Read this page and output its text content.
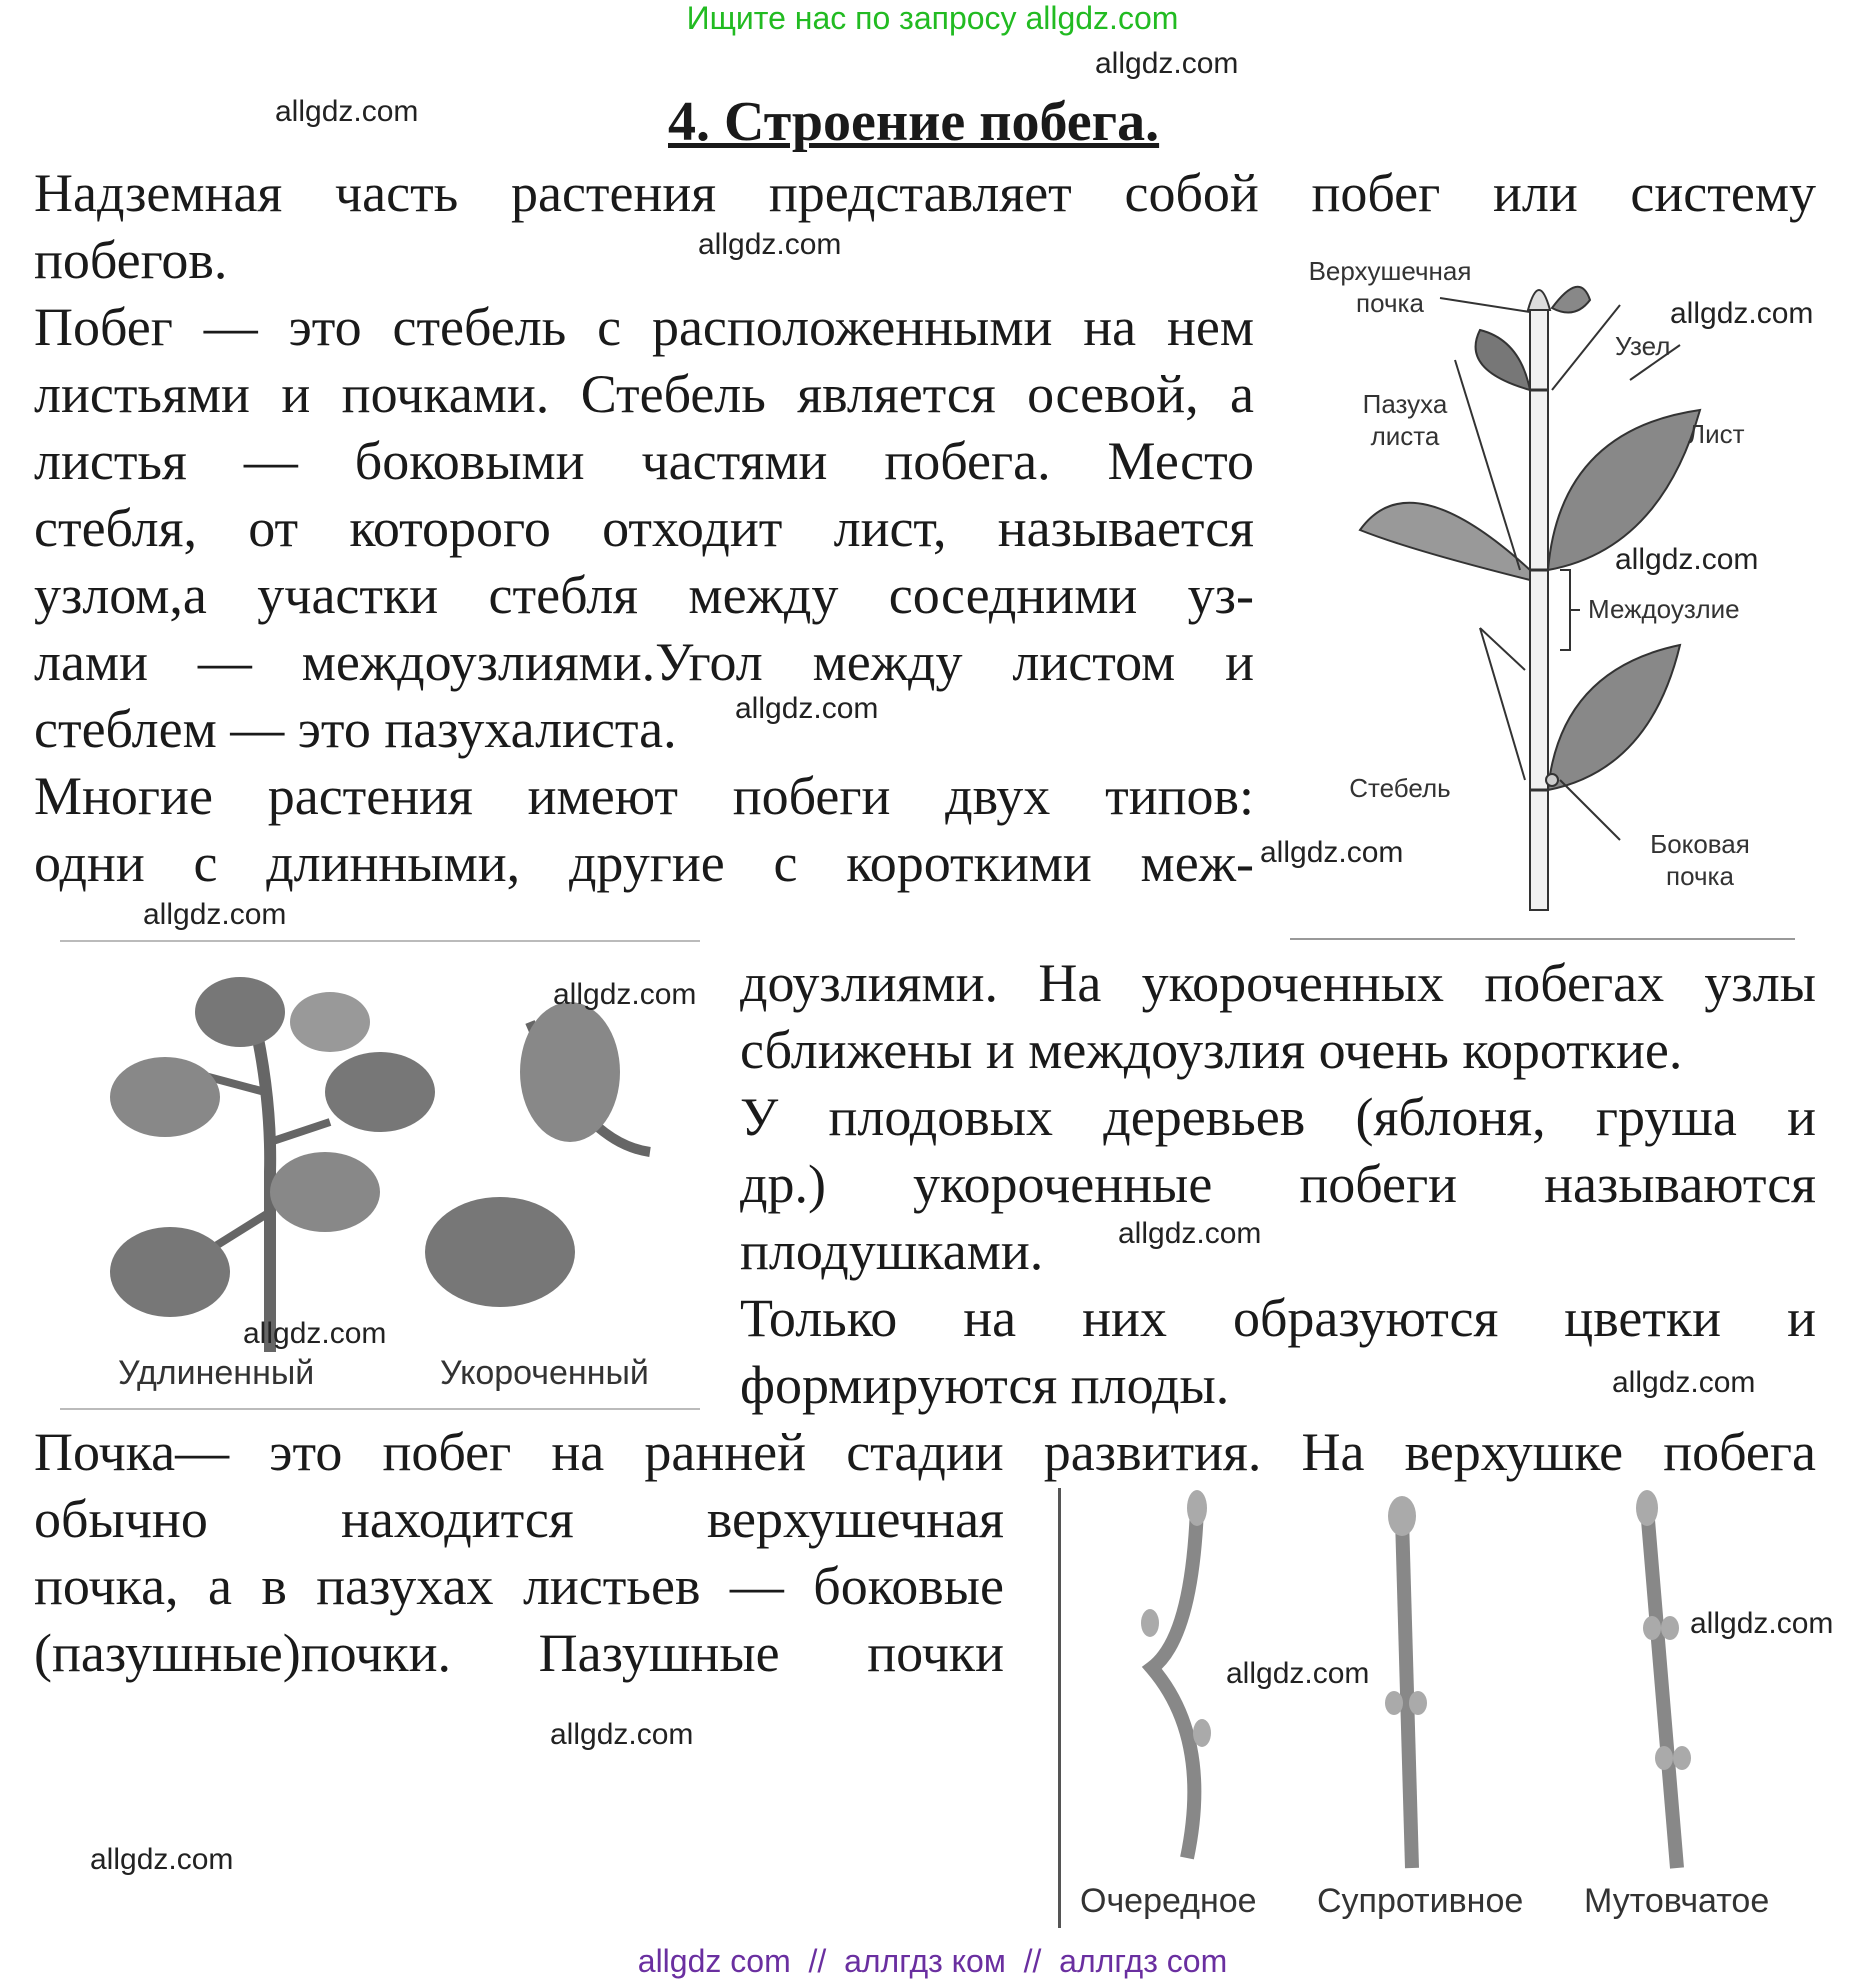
Ищите нас по запросу allgdz.com
4. Строение побега.
Надземная часть растения представляет собой побег или систему
побегов.
Побег — это стебель с расположенными на нем
листьями и почками. Стебель является осевой, а
листья — боковыми частями побега. Место
стебля, от которого отходит лист, называется
узлом,а участки стебля между соседними уз-
лами — междоузлиями.Угол между листом и
стеблем — это пазухалиста.
Многие растения имеют побеги двух типов:
одни с длинными, другие с короткими меж-
доузлиями. На укороченных побегах узлы
сближены и междоузлия очень короткие.
У плодовых деревьев (яблоня, груша и
др.) укороченные побеги называются
плодушками.
Только на них образуются цветки и
формируются плоды.
Почка— это побег на ранней стадии развития. На верхушке побега
обычно находится верхушечная
почка, а в пазухах листьев — боковые
(пазушные)почки. Пазушные почки
Верхушечная почка
Узел
Пазуха листа	Лист
Междоузлие
Стебель
Боковая почка
Удлиненный	Укороченный
Очередное Супротивное Мутовчатое
allgdz.com
allgdz.com
allgdz.com
allgdz.com
allgdz.com
allgdz.com
allgdz.com
allgdz.com
allgdz.com
allgdz.com
allgdz.com
allgdz.com
allgdz.com
allgdz.com
allgdz.com
allgdz.com
allgdz com  //  аллгдз ком  //  аллгдз com
